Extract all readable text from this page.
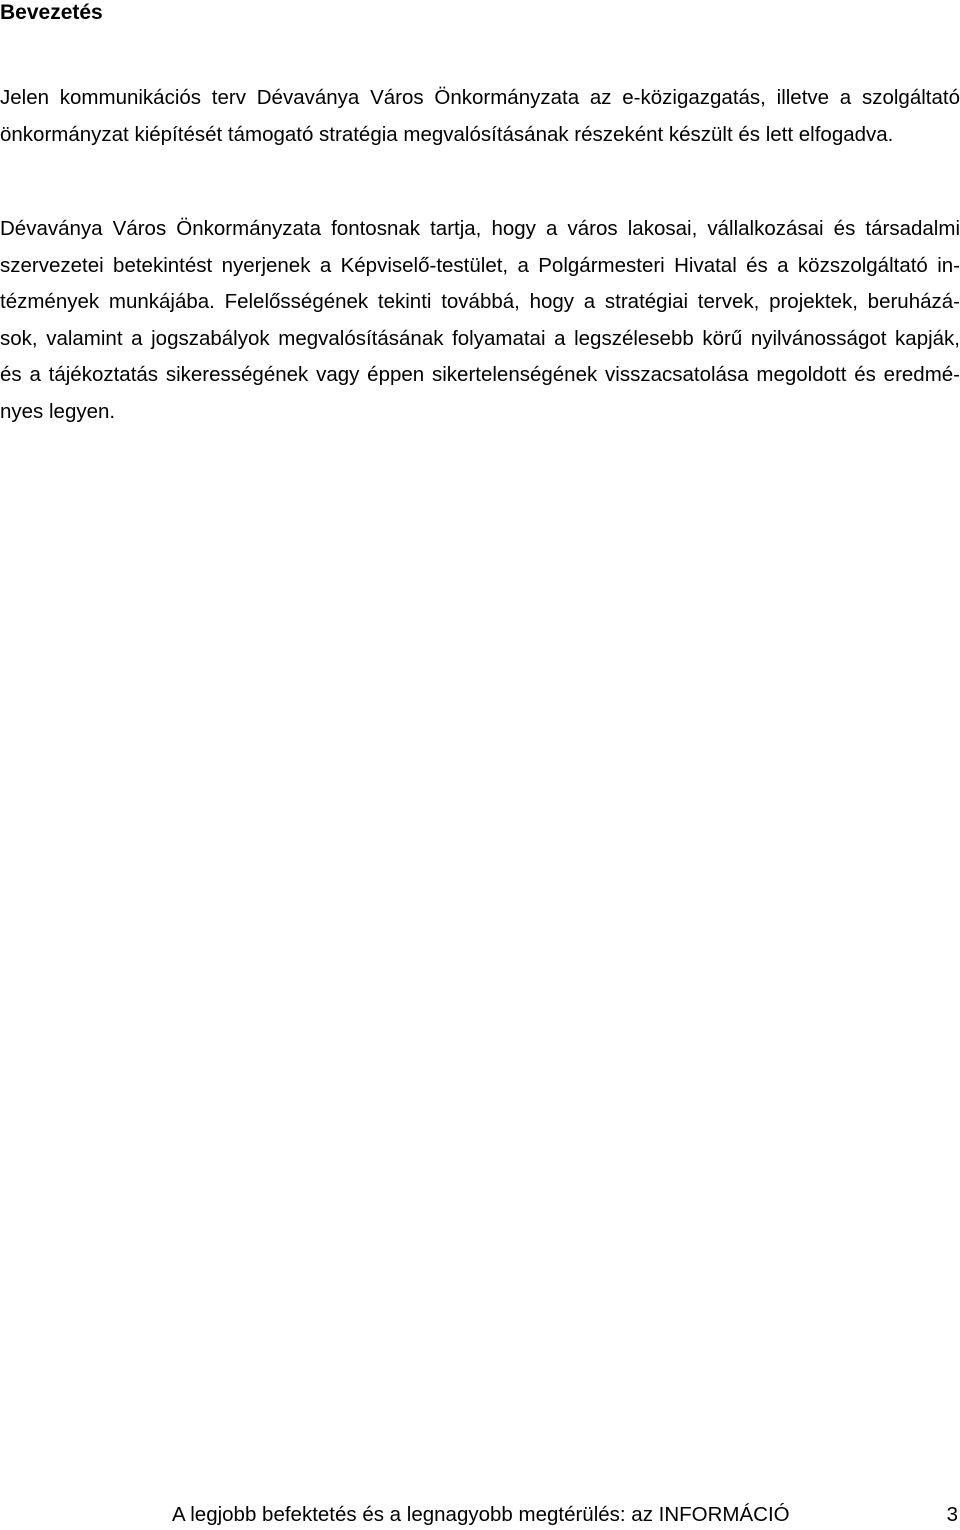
Bevezetés
Jelen kommunikációs terv Dévaványa Város Önkormányzata az e-közigazgatás, illetve a szolgáltató
önkormányzat kiépítését támogató stratégia megvalósításának részeként készült és lett elfogadva.
Dévaványa Város Önkormányzata fontosnak tartja, hogy a város lakosai, vállalkozásai és társadalmi
szervezetei betekintést nyerjenek a Képviselő-testület, a Polgármesteri Hivatal és a közszolgáltató in-
tézmények munkájába. Felelősségének tekinti továbbá, hogy a stratégiai tervek, projektek, beruházá-
sok, valamint a jogszabályok megvalósításának folyamatai a legszélesebb körű nyilvánosságot kapják,
és a tájékoztatás sikerességének vagy éppen sikertelenségének visszacsatolása megoldott és eredmé-
nyes legyen.
A legjobb befektetés és a legnagyobb megtérülés: az INFORMÁCIÓ	3
